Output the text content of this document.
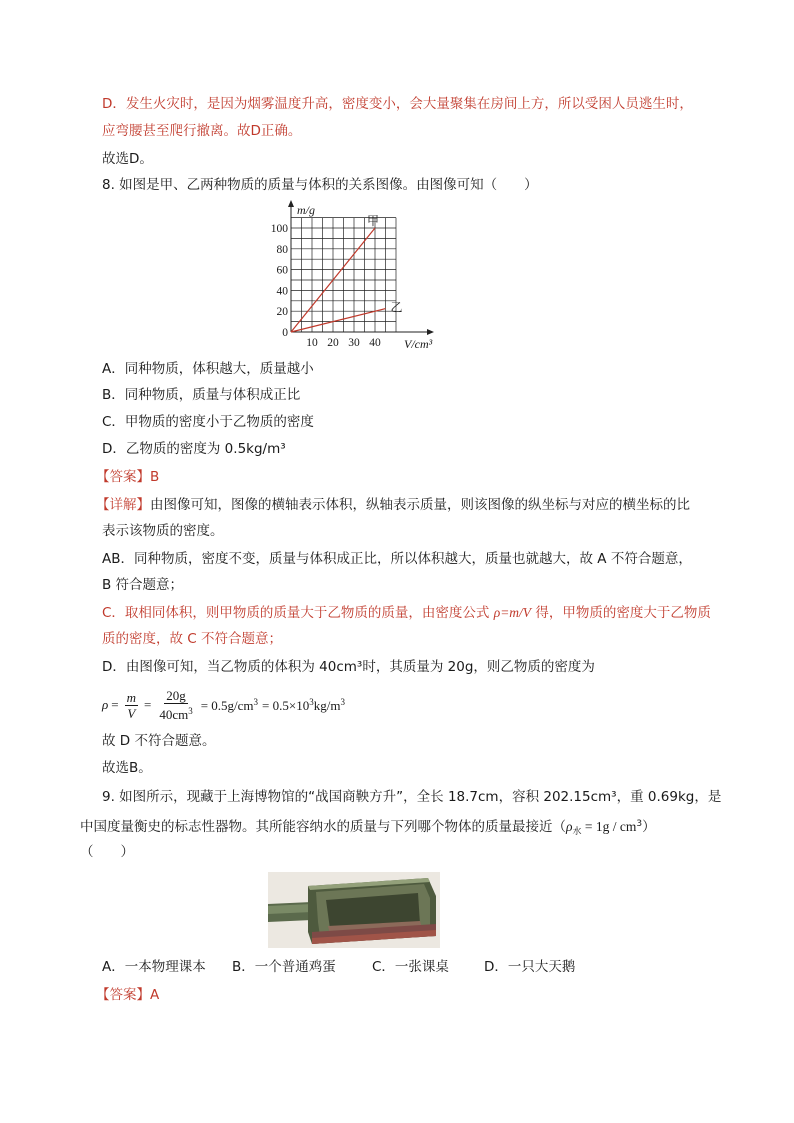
D．发生火灾时，是因为烟雾温度升高，密度变小，会大量聚集在房间上方，所以受困人员逃生时，
应弯腰甚至爬行撤离。故D正确。
故选D。
8. 如图是甲、乙两种物质的质量与体积的关系图像。由图像可知（　　）
0
20
40
60
80
100
10 20 30 40
m/g
V/cm³
甲
乙
A．同种物质，体积越大，质量越小
B．同种物质，质量与体积成正比
C．甲物质的密度小于乙物质的密度
D．乙物质的密度为 0.5kg/m³
【答案】B
【详解】由图像可知，图像的横轴表示体积，纵轴表示质量，则该图像的纵坐标与对应的横坐标的比
表示该物质的密度。
AB．同种物质，密度不变，质量与体积成正比，所以体积越大，质量也就越大，故 A 不符合题意，
B 符合题意；
C．取相同体积，则甲物质的质量大于乙物质的质量，由密度公式 ρ=m/V 得，甲物质的密度大于乙物质
质的密度，故 C 不符合题意；
D．由图像可知，当乙物质的体积为 40cm³时，其质量为 20g，则乙物质的密度为
$\rho = \frac{m}{V} = \frac{20g}{40cm^3} = 0.5g/cm^3 = 0.5\times 10^3kg/m^3$
故 D 不符合题意。
故选B。
9. 如图所示，现藏于上海博物馆的“战国商鞅方升”，全长 18.7cm，容积 202.15cm³，重 0.69kg，是
中国度量衡史的标志性器物。其所能容纳水的质量与下列哪个物体的质量最接近$(\rho_水 = 1g / cm^3)$
（　　）
A．一本物理课本 B．一个普通鸡蛋	C．一张课桌	D．一只大天鹅
【答案】A
